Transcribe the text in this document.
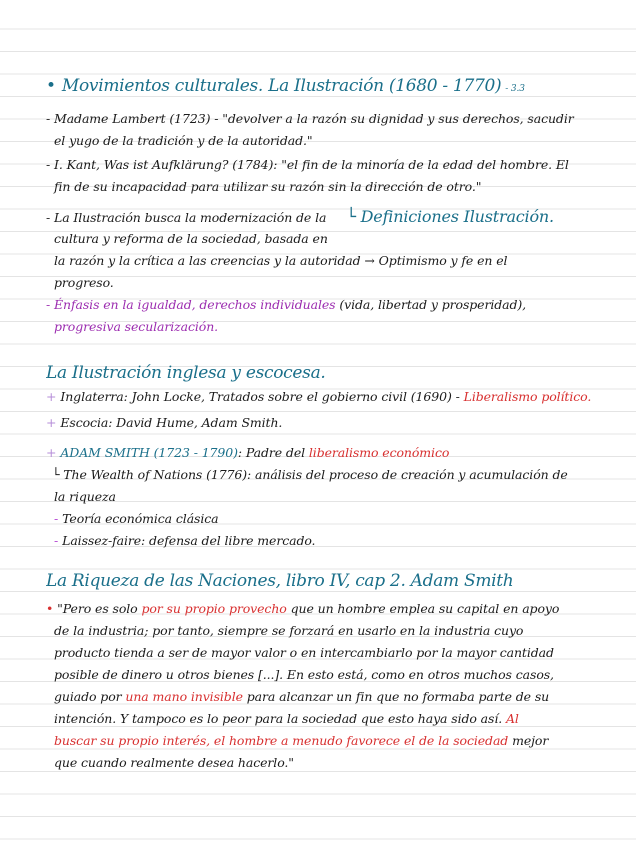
• Movimientos culturales. La Ilustración (1680 - 1770) - 3.3
- Madame Lambert (1723) - "devolver a la razón su dignidad y sus derechos, sacudir
el yugo de la tradición y de la autoridad."
- I. Kant, Was ist Aufklärung? (1784): "el fin de la minoría de la edad del hombre. El
fin de su incapacidad para utilizar su razón sin la dirección de otro."
- La Ilustración busca la modernización de la └ Definiciones Ilustración.
cultura y reforma de la sociedad, basada en
la razón y la crítica a las creencias y la autoridad → Optimismo y fe en el
progreso.
- Énfasis en la igualdad, derechos individuales (vida, libertad y prosperidad),
progresiva secularización.
La Ilustración inglesa y escocesa.
+ Inglaterra: John Locke, Tratados sobre el gobierno civil (1690) - Liberalismo político.
+ Escocia: David Hume, Adam Smith.
+ ADAM SMITH (1723 - 1790): Padre del liberalismo económico
└ The Wealth of Nations (1776): análisis del proceso de creación y acumulación de
la riqueza
- Teoría económica clásica
- Laissez-faire: defensa del libre mercado.
La Riqueza de las Naciones, libro IV, cap 2. Adam Smith
• "Pero es solo por su propio provecho que un hombre emplea su capital en apoyo
de la industria; por tanto, siempre se forzará en usarlo en la industria cuyo
producto tienda a ser de mayor valor o en intercambiarlo por la mayor cantidad
posible de dinero u otros bienes [...]. En esto está, como en otros muchos casos,
guiado por una mano invisible para alcanzar un fin que no formaba parte de su
intención. Y tampoco es lo peor para la sociedad que esto haya sido así. Al
buscar su propio interés, el hombre a menudo favorece el de la sociedad mejor
que cuando realmente desea hacerlo."
